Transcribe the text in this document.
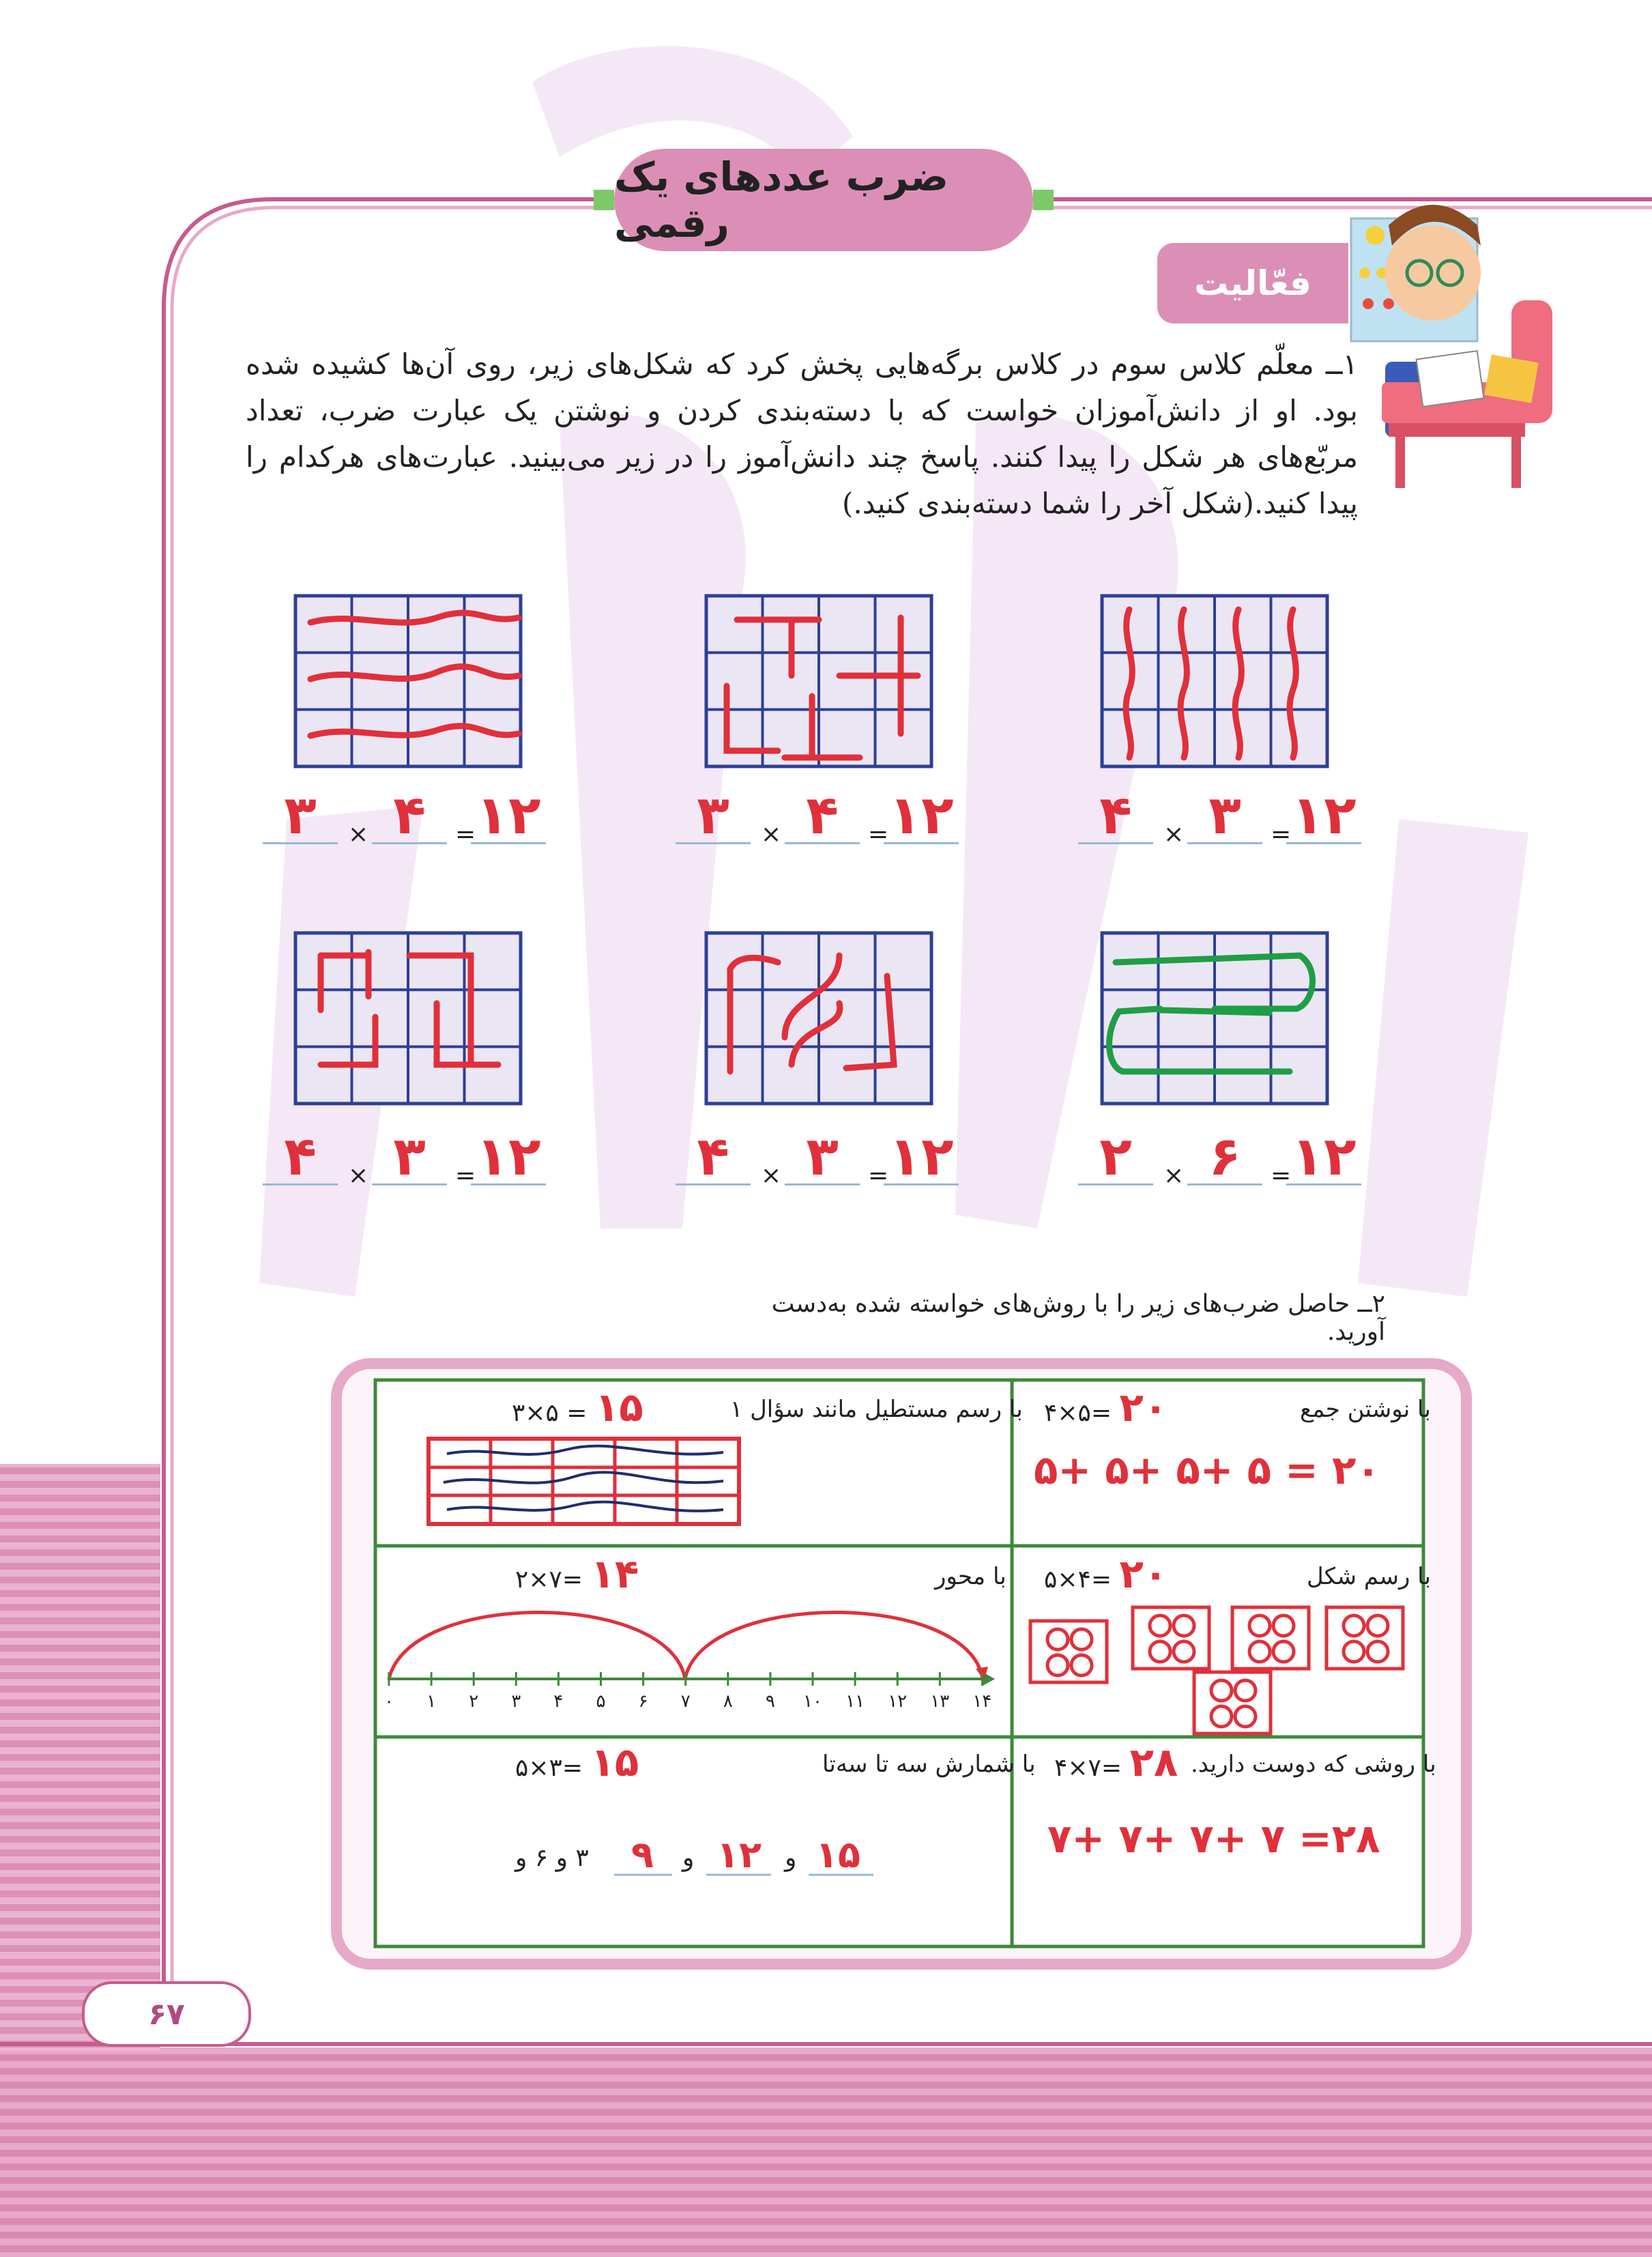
ضرب عددهای یک رقمی
فعّالیت
۱ــ معلّم کلاس سوم در کلاس برگه‌هایی پخش کرد که شکل‌های زیر، روی آن‌ها کشیده شده بود. او از دانش‌آموزان خواست که با دسته‌بندی کردن و نوشتن یک عبارت ضرب، تعداد مربّع‌های هر شکل را پیدا کنند. پاسخ چند دانش‌آموز را در زیر می‌بینید. عبارت‌های هرکدام را پیدا کنید.(شکل آخر را شما دسته‌بندی کنید.)
۴	× ۳	= ۱۲
۳	× ۴	= ۱۲
۳	× ۴	= ۱۲
۲	× ۶	= ۱۲
۴	× ۳	= ۱۲
۴	× ۳	= ۱۲
۲ــ حاصل ضرب‌های زیر را با روش‌های خواسته شده به‌دست آورید.
با نوشتن جمع
۴×۵= ۲۰
۵+ ۵+ ۵+ ۵ = ۲۰
با رسم مستطیل مانند سؤال ۱
۳×۵ = ۱۵
با رسم شکل
۵×۴= ۲۰
با محور
۲×۷= ۱۴
۰	۱	۲	۳	۴	۵	۶	۷	۸	۹	۱۰	۱۱	۱۲	۱۳	۱۴
با روشی که دوست دارید.
۴×۷= ۲۸
۷+ ۷+ ۷+ ۷ =۲۸
با شمارش سه تا سه‌تا
۵×۳= ۱۵
۳ و ۶ و ۹ و ۱۲ و ۱۵
۶۷
